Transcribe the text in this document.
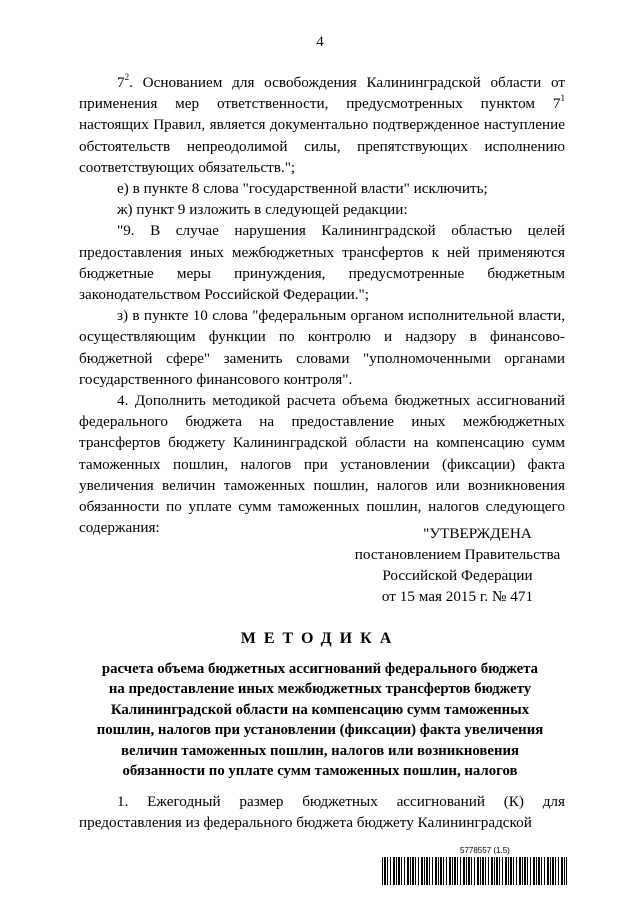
4

$7^2$. Основанием для освобождения Калининградской области от применения мер ответственности, предусмотренных пунктом $7^1$ настоящих Правил, является документально подтвержденное наступление обстоятельств непреодолимой силы, препятствующих исполнению соответствующих обязательств.";

е) в пункте 8 слова "государственной власти" исключить;

ж) пункт 9 изложить в следующей редакции:

"9. В случае нарушения Калининградской областью целей предоставления иных межбюджетных трансфертов к ней применяются бюджетные меры принуждения, предусмотренные бюджетным законодательством Российской Федерации.";

з) в пункте 10 слова "федеральным органом исполнительной власти, осуществляющим функции по контролю и надзору в финансово-бюджетной сфере" заменить словами "уполномоченными органами государственного финансового контроля".

4. Дополнить методикой расчета объема бюджетных ассигнований федерального бюджета на предоставление иных межбюджетных трансфертов бюджету Калининградской области на компенсацию сумм таможенных пошлин, налогов при установлении (фиксации) факта увеличения величин таможенных пошлин, налогов или возникновения обязанности по уплате сумм таможенных пошлин, налогов следующего содержания:	"УТВЕРЖДЕНА
постановлением Правительства
Российской Федерации
от 15 мая 2015 г. № 471
МЕТОДИКА
расчета объема бюджетных ассигнований федерального бюджета на предоставление иных межбюджетных трансфертов бюджету Калининградской области на компенсацию сумм таможенных пошлин, налогов при установлении (фиксации) факта увеличения величин таможенных пошлин, налогов или возникновения обязанности по уплате сумм таможенных пошлин, налогов

1. Ежегодный размер бюджетных ассигнований (К) для предоставления из федерального бюджета бюджету Калининградской

5778557 (1.5)
